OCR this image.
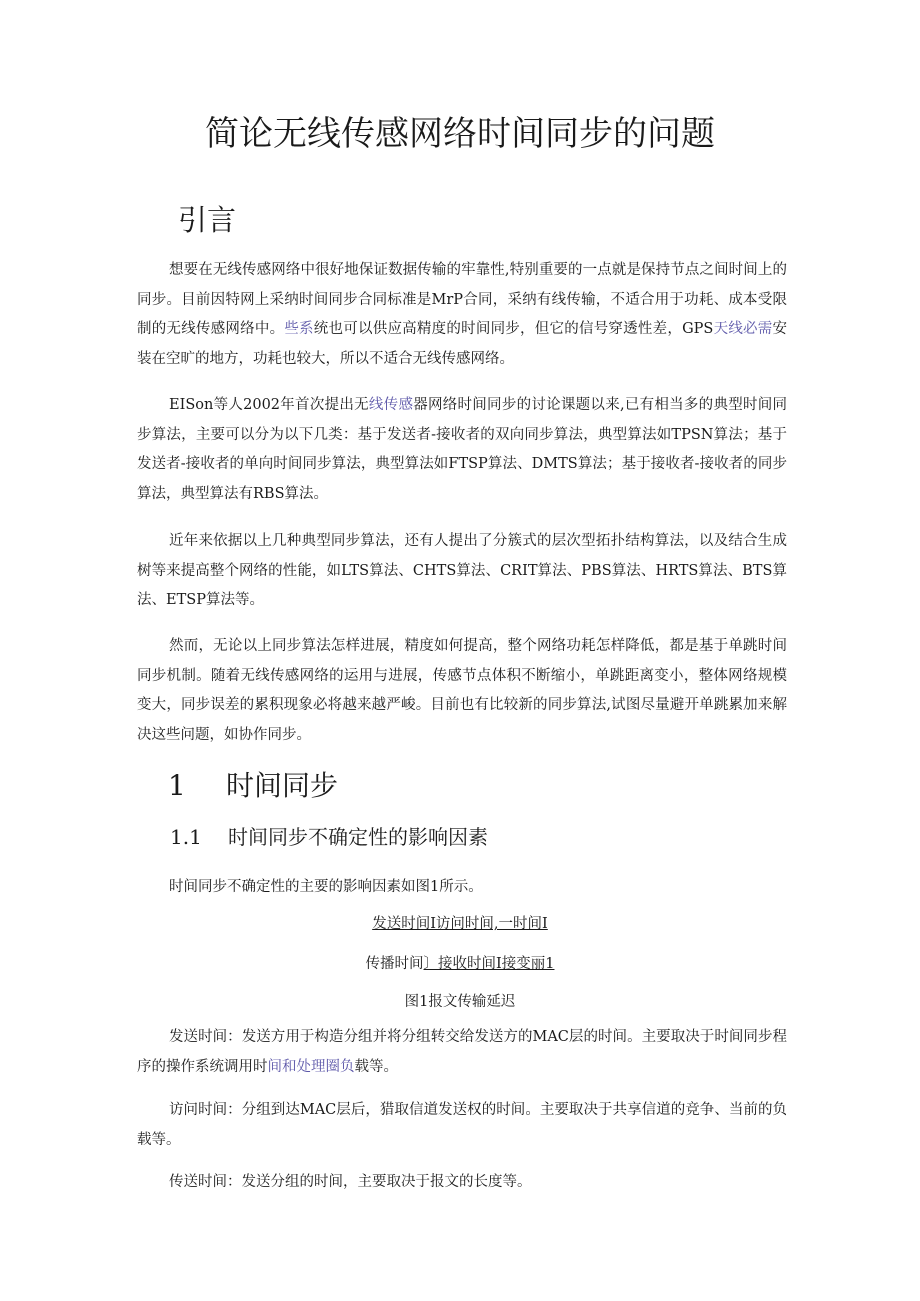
简论无线传感网络时间同步的问题
引言

想要在无线传感网络中很好地保证数据传输的牢靠性,特别重要的一点就是保持节点之间时间上的同步。目前因特网上采纳时间同步合同标准是MrP合同，采纳有线传输，不适合用于功耗、成本受限制的无线传感网络中。些系统也可以供应高精度的时间同步，但它的信号穿透性差，GPS天线必需安装在空旷的地方，功耗也较大，所以不适合无线传感网络。

EISon等人2002年首次提出无线传感器网络时间同步的讨论课题以来,已有相当多的典型时间同步算法，主要可以分为以下几类：基于发送者-接收者的双向同步算法，典型算法如TPSN算法；基于发送者-接收者的单向时间同步算法，典型算法如FTSP算法、DMTS算法；基于接收者-接收者的同步算法，典型算法有RBS算法。

近年来依据以上几种典型同步算法，还有人提出了分簇式的层次型拓扑结构算法，以及结合生成树等来提高整个网络的性能，如LTS算法、CHTS算法、CRIT算法、PBS算法、HRTS算法、BTS算法、ETSP算法等。

然而，无论以上同步算法怎样进展，精度如何提高，整个网络功耗怎样降低，都是基于单跳时间同步机制。随着无线传感网络的运用与进展，传感节点体积不断缩小，单跳距离变小，整体网络规模变大，同步误差的累积现象必将越来越严峻。目前也有比较新的同步算法,试图尽量避开单跳累加来解决这些问题，如协作同步。

1 时间同步
1.1 时间同步不确定性的影响因素

时间同步不确定性的主要的影响因素如图1所示。

发送时间I访问时间,一时间I

传播时间〕接收时间I接变丽1

图1报文传输延迟

发送时间：发送方用于构造分组并将分组转交给发送方的MAC层的时间。主要取决于时间同步程序的操作系统调用时间和处理圈负载等。

访问时间：分组到达MAC层后，猎取信道发送权的时间。主要取决于共享信道的竞争、当前的负载等。

传送时间：发送分组的时间，主要取决于报文的长度等。
